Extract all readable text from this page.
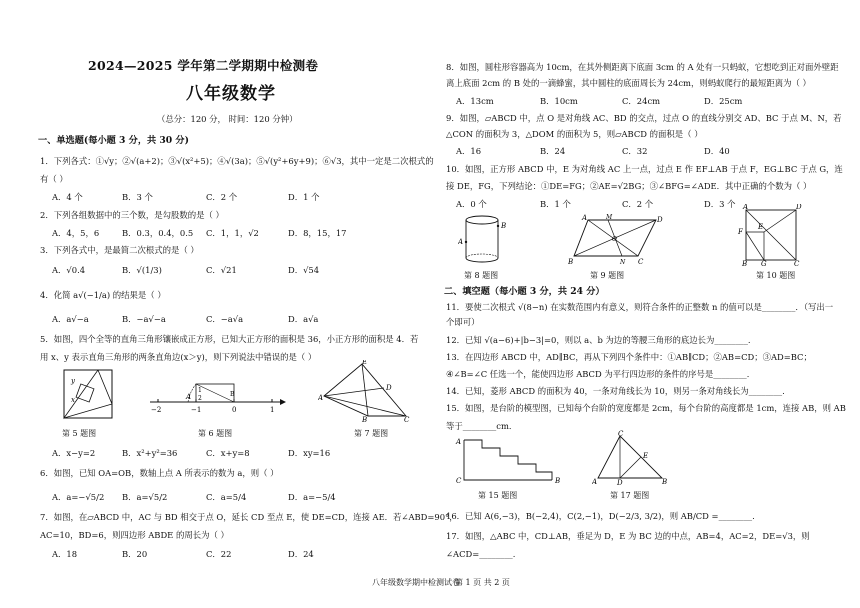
2024—2025 学年第二学期期中检测卷
八年级数学
（总分：120 分， 时间：120 分钟）
一、单选题(每小题 3 分，共 30 分)
1．下列各式：①√y；②√(a+2)；③√(x²+5)；④√(3a)；⑤√(y²+6y+9)；⑥√3，其中一定是二次根式的
有（ ）
A．4 个	B．3 个	C．2 个	D．1 个
2．下列各组数据中的三个数，是勾股数的是（ ）
A．4，5，6	B．0.3，0.4，0.5 C．1，1，√2	D．8，15，17
3．下列各式中，是最简二次根式的是（ ）
A．√0.4	B．√(1/3)	C．√21	D．√54
4．化简 a√(−1/a) 的结果是（ ）
A．a√−a	B．−a√−a	C．−a√a	D．a√a
5．如图，四个全等的直角三角形镶嵌成正方形，已知大正方形的面积是 36，小正方形的面积是 4．若
用 x、y 表示直角三角形的两条直角边(x＞y)，则下列说法中错误的是（ ）
y
x
第 5 题图
A
1
2
−2	−1	0	1
B
第 6 题图
A
E
D
B	C
第 7 题图
A．x−y=2	B．x²+y²=36	C．x+y=8	D．xy=16
6．如图，已知 OA=OB，数轴上点 A 所表示的数为 a，则（ ）
A．a=−√5/2 B．a=√5/2	C．a=5/4	D．a=−5/4
7．如图，在▱ABCD 中，AC 与 BD 相交于点 O，延长 CD 至点 E，使 DE=CD，连接 AE．若∠ABD=90°，
AC=10，BD=6，则四边形 ABDE 的周长为（ ）
A．18	B．20	C．22	D．24
八年级数学期中检测试卷
8．如图，圆柱形容器高为 10cm，在其外侧距离下底面 3cm 的 A 处有一只蚂蚁，它想吃到正对面外壁距
离上底面 2cm 的 B 处的一滴蜂蜜，其中圆柱的底面周长为 24cm，则蚂蚁爬行的最短距离为（ ）
A．13cm	B．10cm	C．24cm	D．25cm
9．如图，▱ABCD 中，点 O 是对角线 AC、BD 的交点，过点 O 的直线分别交 AD、BC 于点 M、N，若
△CON 的面积为 3，△DOM 的面积为 5，则▱ABCD 的面积是（ ）
A．16	B．24	C．32	D．40
10．如图，正方形 ABCD 中，E 为对角线 AC 上一点，过点 E 作 EF⊥AB 于点 F，EG⊥BC 于点 G，连
接 DE，FG，下列结论：①DE=FG；②AE=√2BG；③∠BFG=∠ADE．其中正确的个数为（ ）
A．0 个	B．1 个	C．2 个	D．3 个
B
A
第 8 题图
A	M	D
B	N C
O
第 9 题图
A	D
F
E
B G	C
第 10 题图
二、填空题（每小题 3 分，共 24 分）
11．要使二次根式 √(8−n) 在实数范围内有意义，则符合条件的正整数 n 的值可以是________．（写出一
个即可）
12．已知 √(a−6)+|b−3|=0，则以 a、b 为边的等腰三角形的底边长为________.
13．在四边形 ABCD 中，AD∥BC，再从下列四个条件中：①AB∥CD；②AB=CD；③AD=BC；
④∠B=∠C 任选一个，能使四边形 ABCD 为平行四边形的条件的序号是________．
14．已知，菱形 ABCD 的面积为 40，一条对角线长为 10，则另一条对角线长为________.
15．如图，是台阶的模型图，已知每个台阶的宽度都是 2cm，每个台阶的高度都是 1cm，连接 AB，则 AB
等于________cm．
A
C	B
第 15 题图
C
E
A	D	B
第 17 题图
16．已知 A(6,−3)，B(−2,4)，C(2,−1)，D(−2/3, 3/2)，则 AB/CD =________.
17．如图，△ABC 中，CD⊥AB，垂足为 D，E 为 BC 边的中点，AB=4，AC=2，DE=√3，则
∠ACD=________.
第 1 页 共 2 页
